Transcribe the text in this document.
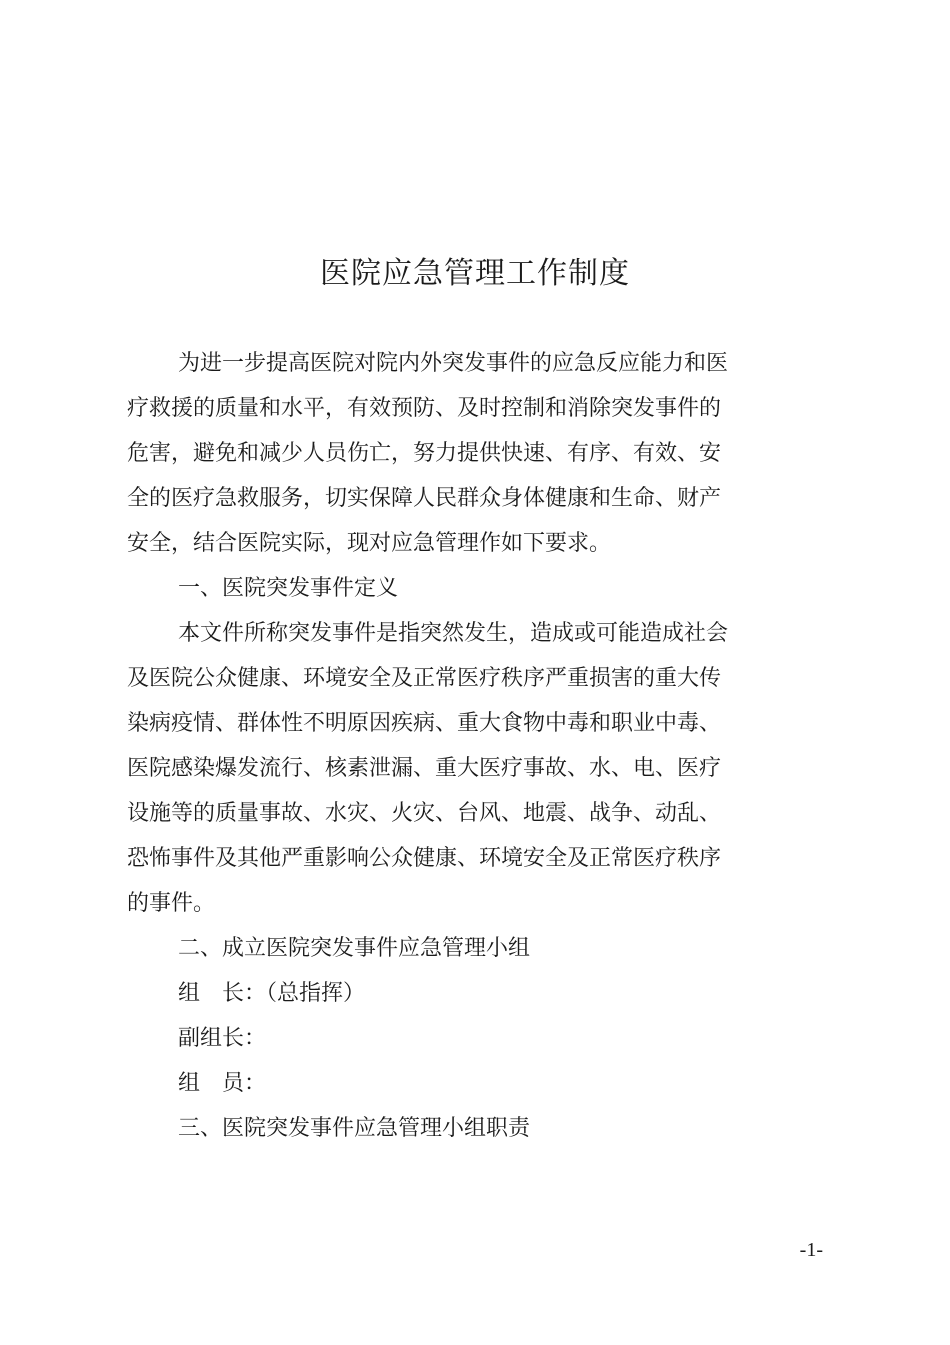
医院应急管理工作制度
为进一步提高医院对院内外突发事件的应急反应能力和医
疗救援的质量和水平，有效预防、及时控制和消除突发事件的
危害，避免和减少人员伤亡，努力提供快速、有序、有效、安
全的医疗急救服务，切实保障人民群众身体健康和生命、财产
安全，结合医院实际，现对应急管理作如下要求。
一、医院突发事件定义
本文件所称突发事件是指突然发生，造成或可能造成社会
及医院公众健康、环境安全及正常医疗秩序严重损害的重大传
染病疫情、群体性不明原因疾病、重大食物中毒和职业中毒、
医院感染爆发流行、核素泄漏、重大医疗事故、水、电、医疗
设施等的质量事故、水灾、火灾、台风、地震、战争、动乱、
恐怖事件及其他严重影响公众健康、环境安全及正常医疗秩序
的事件。
二、成立医院突发事件应急管理小组
组　长：（总指挥）
副组长：
组　员：
三、医院突发事件应急管理小组职责
-1-
